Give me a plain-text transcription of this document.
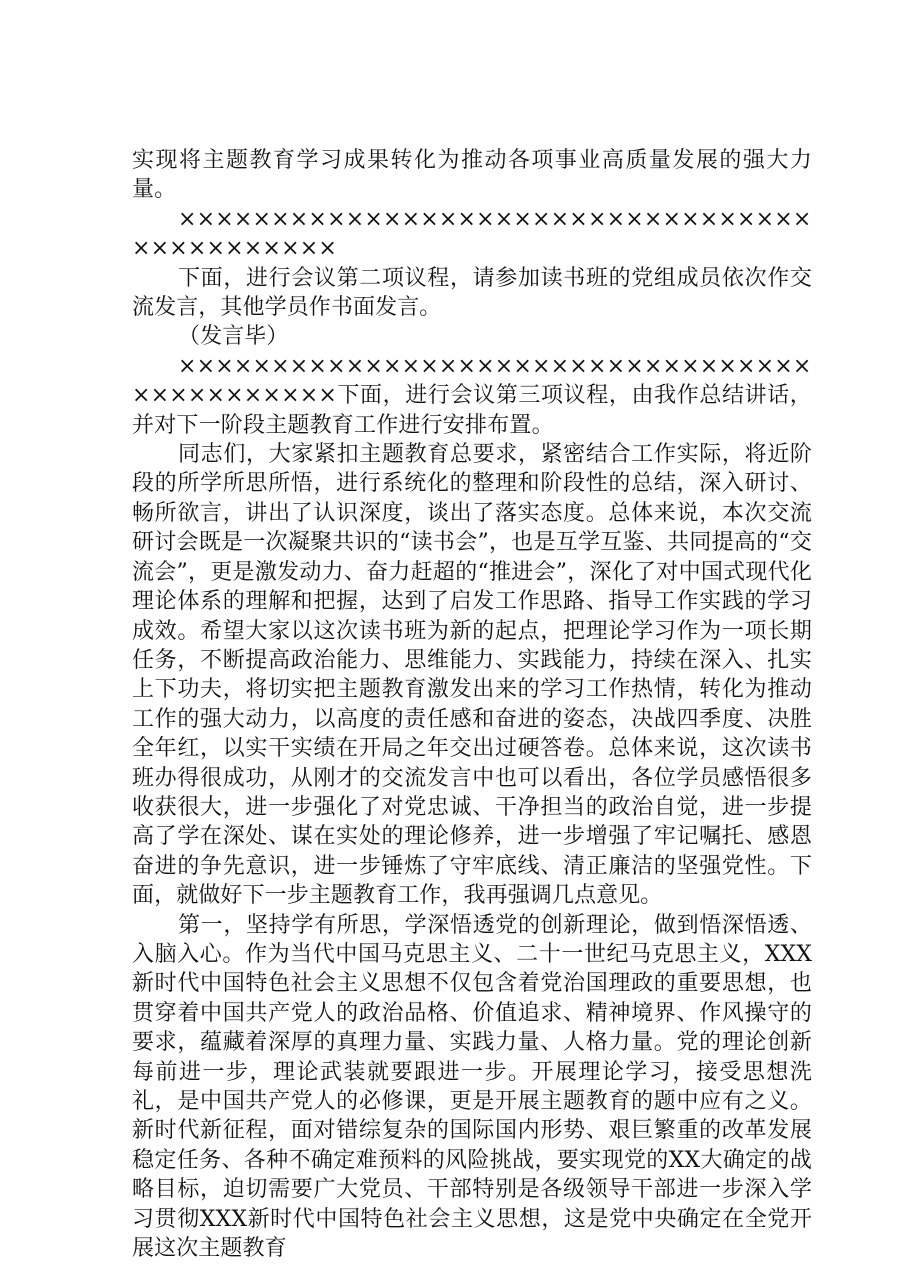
实现将主题教育学习成果转化为推动各项事业高质量发展的强大力量。

×××××××××××××××××××××××××××××××××××××××××××××

下面，进行会议第二项议程，请参加读书班的党组成员依次作交流发言，其他学员作书面发言。

（发言毕）

×××××××××××××××××××××××××××××××××××××××××××××下面，进行会议第三项议程，由我作总结讲话，并对下一阶段主题教育工作进行安排布置。

同志们，大家紧扣主题教育总要求，紧密结合工作实际，将近阶段的所学所思所悟，进行系统化的整理和阶段性的总结，深入研讨、畅所欲言，讲出了认识深度，谈出了落实态度。总体来说，本次交流研讨会既是一次凝聚共识的“读书会”，也是互学互鉴、共同提高的“交流会”，更是激发动力、奋力赶超的“推进会”，深化了对中国式现代化理论体系的理解和把握，达到了启发工作思路、指导工作实践的学习成效。希望大家以这次读书班为新的起点，把理论学习作为一项长期任务，不断提高政治能力、思维能力、实践能力，持续在深入、扎实上下功夫，将切实把主题教育激发出来的学习工作热情，转化为推动工作的强大动力，以高度的责任感和奋进的姿态，决战四季度、决胜全年红，以实干实绩在开局之年交出过硬答卷。总体来说，这次读书班办得很成功，从刚才的交流发言中也可以看出，各位学员感悟很多收获很大，进一步强化了对党忠诚、干净担当的政治自觉，进一步提高了学在深处、谋在实处的理论修养，进一步增强了牢记嘱托、感恩奋进的争先意识，进一步锤炼了守牢底线、清正廉洁的坚强党性。下面，就做好下一步主题教育工作，我再强调几点意见。

第一，坚持学有所思，学深悟透党的创新理论，做到悟深悟透、入脑入心。作为当代中国马克思主义、二十一世纪马克思主义，XXX新时代中国特色社会主义思想不仅包含着党治国理政的重要思想，也贯穿着中国共产党人的政治品格、价值追求、精神境界、作风操守的要求，蕴藏着深厚的真理力量、实践力量、人格力量。党的理论创新每前进一步，理论武装就要跟进一步。开展理论学习，接受思想洗礼，是中国共产党人的必修课，更是开展主题教育的题中应有之义。新时代新征程，面对错综复杂的国际国内形势、艰巨繁重的改革发展稳定任务、各种不确定难预料的风险挑战，要实现党的XX大确定的战略目标，迫切需要广大党员、干部特别是各级领导干部进一步深入学习贯彻XXX新时代中国特色社会主义思想，这是党中央确定在全党开展这次主题教育
